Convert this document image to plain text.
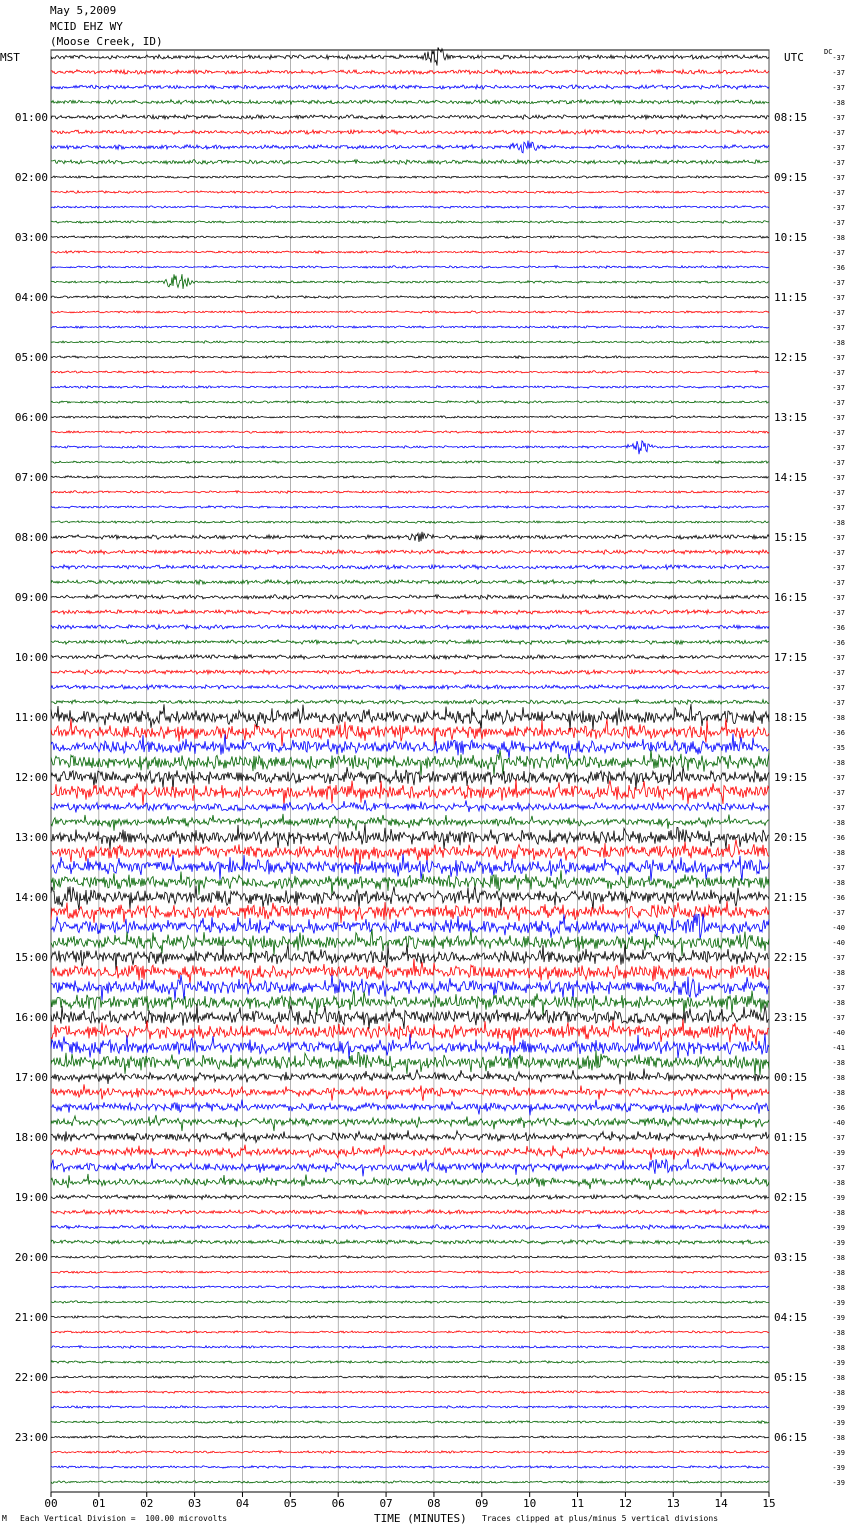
May 5,2009
MCID EHZ WY
(Moose Creek, ID)
MST	UTC	DC
00	01	02	03	04	05	06	07	08	09	10	11	12	13	14	15
-37
-37
-37
-38
-37
-37
-37
-37
-37
-37
-37
-37
-38
-37
-36
-37
-37
-37
-37
-38
-37
-37
-37
-37
-37
-37
-37
-37
-37
-37
-37
-38
-37
-37
-37
-37
-37
-37
-36
-36
-37
-37
-37
-37
-38
-36
-35
-38
-37
-37
-37
-38
-36
-38
-37
-38
-36
-37
-40
-40
-37
-38
-37
-38
-37
-40
-41
-38
-38
-38
-36
-40
-37
-39
-37
-38
-39
-38
-39
-39
-38
-38
-38
-39
-39
-38
-38
-39
-38
-38
-39
-39
-38
-39
-39
-39
01:00
02:00
03:00
04:00
05:00
06:00
07:00
08:00
09:00
10:00
11:00
12:00
13:00
14:00
15:00
16:00
17:00
18:00
19:00
20:00
21:00
22:00
23:00
08:15
09:15
10:15
11:15
12:15
13:15
14:15
15:15
16:15
17:15
18:15
19:15
20:15
21:15
22:15
23:15
00:15
01:15
02:15
03:15
04:15
05:15
06:15
TIME (MINUTES)
M Each Vertical Division =  100.00 microvolts	Traces clipped at plus/minus 5 vertical divisions
